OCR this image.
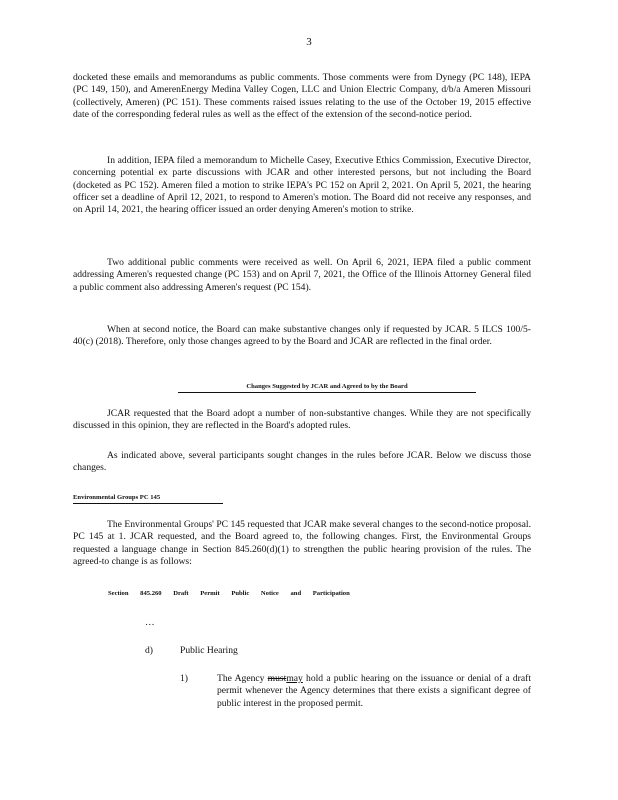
3

docketed these emails and memorandums as public comments. Those comments were from Dynegy (PC 148), IEPA (PC 149, 150), and AmerenEnergy Medina Valley Cogen, LLC and Union Electric Company, d/b/a Ameren Missouri (collectively, Ameren) (PC 151). These comments raised issues relating to the use of the October 19, 2015 effective date of the corresponding federal rules as well as the effect of the extension of the second-notice period.

In addition, IEPA filed a memorandum to Michelle Casey, Executive Ethics Commission, Executive Director, concerning potential ex parte discussions with JCAR and other interested persons, but not including the Board (docketed as PC 152). Ameren filed a motion to strike IEPA's PC 152 on April 2, 2021. On April 5, 2021, the hearing officer set a deadline of April 12, 2021, to respond to Ameren's motion. The Board did not receive any responses, and on April 14, 2021, the hearing officer issued an order denying Ameren's motion to strike.

Two additional public comments were received as well. On April 6, 2021, IEPA filed a public comment addressing Ameren's requested change (PC 153) and on April 7, 2021, the Office of the Illinois Attorney General filed a public comment also addressing Ameren's request (PC 154).

When at second notice, the Board can make substantive changes only if requested by JCAR. 5 ILCS 100/5-40(c) (2018). Therefore, only those changes agreed to by the Board and JCAR are reflected in the final order.

Changes Suggested by JCAR and Agreed to by the Board

JCAR requested that the Board adopt a number of non-substantive changes. While they are not specifically discussed in this opinion, they are reflected in the Board's adopted rules.

As indicated above, several participants sought changes in the rules before JCAR. Below we discuss those changes.

Environmental Groups PC 145

The Environmental Groups' PC 145 requested that JCAR make several changes to the second-notice proposal. PC 145 at 1. JCAR requested, and the Board agreed to, the following changes. First, the Environmental Groups requested a language change in Section 845.260(d)(1) to strengthen the public hearing provision of the rules. The agreed-to change is as follows:

Section 845.260 Draft Permit Public Notice and Participation
…
d)	Public Hearing
1)	The Agency mustmay hold a public hearing on the issuance or denial of a draft permit whenever the Agency determines that there exists a significant degree of public interest in the proposed permit.
